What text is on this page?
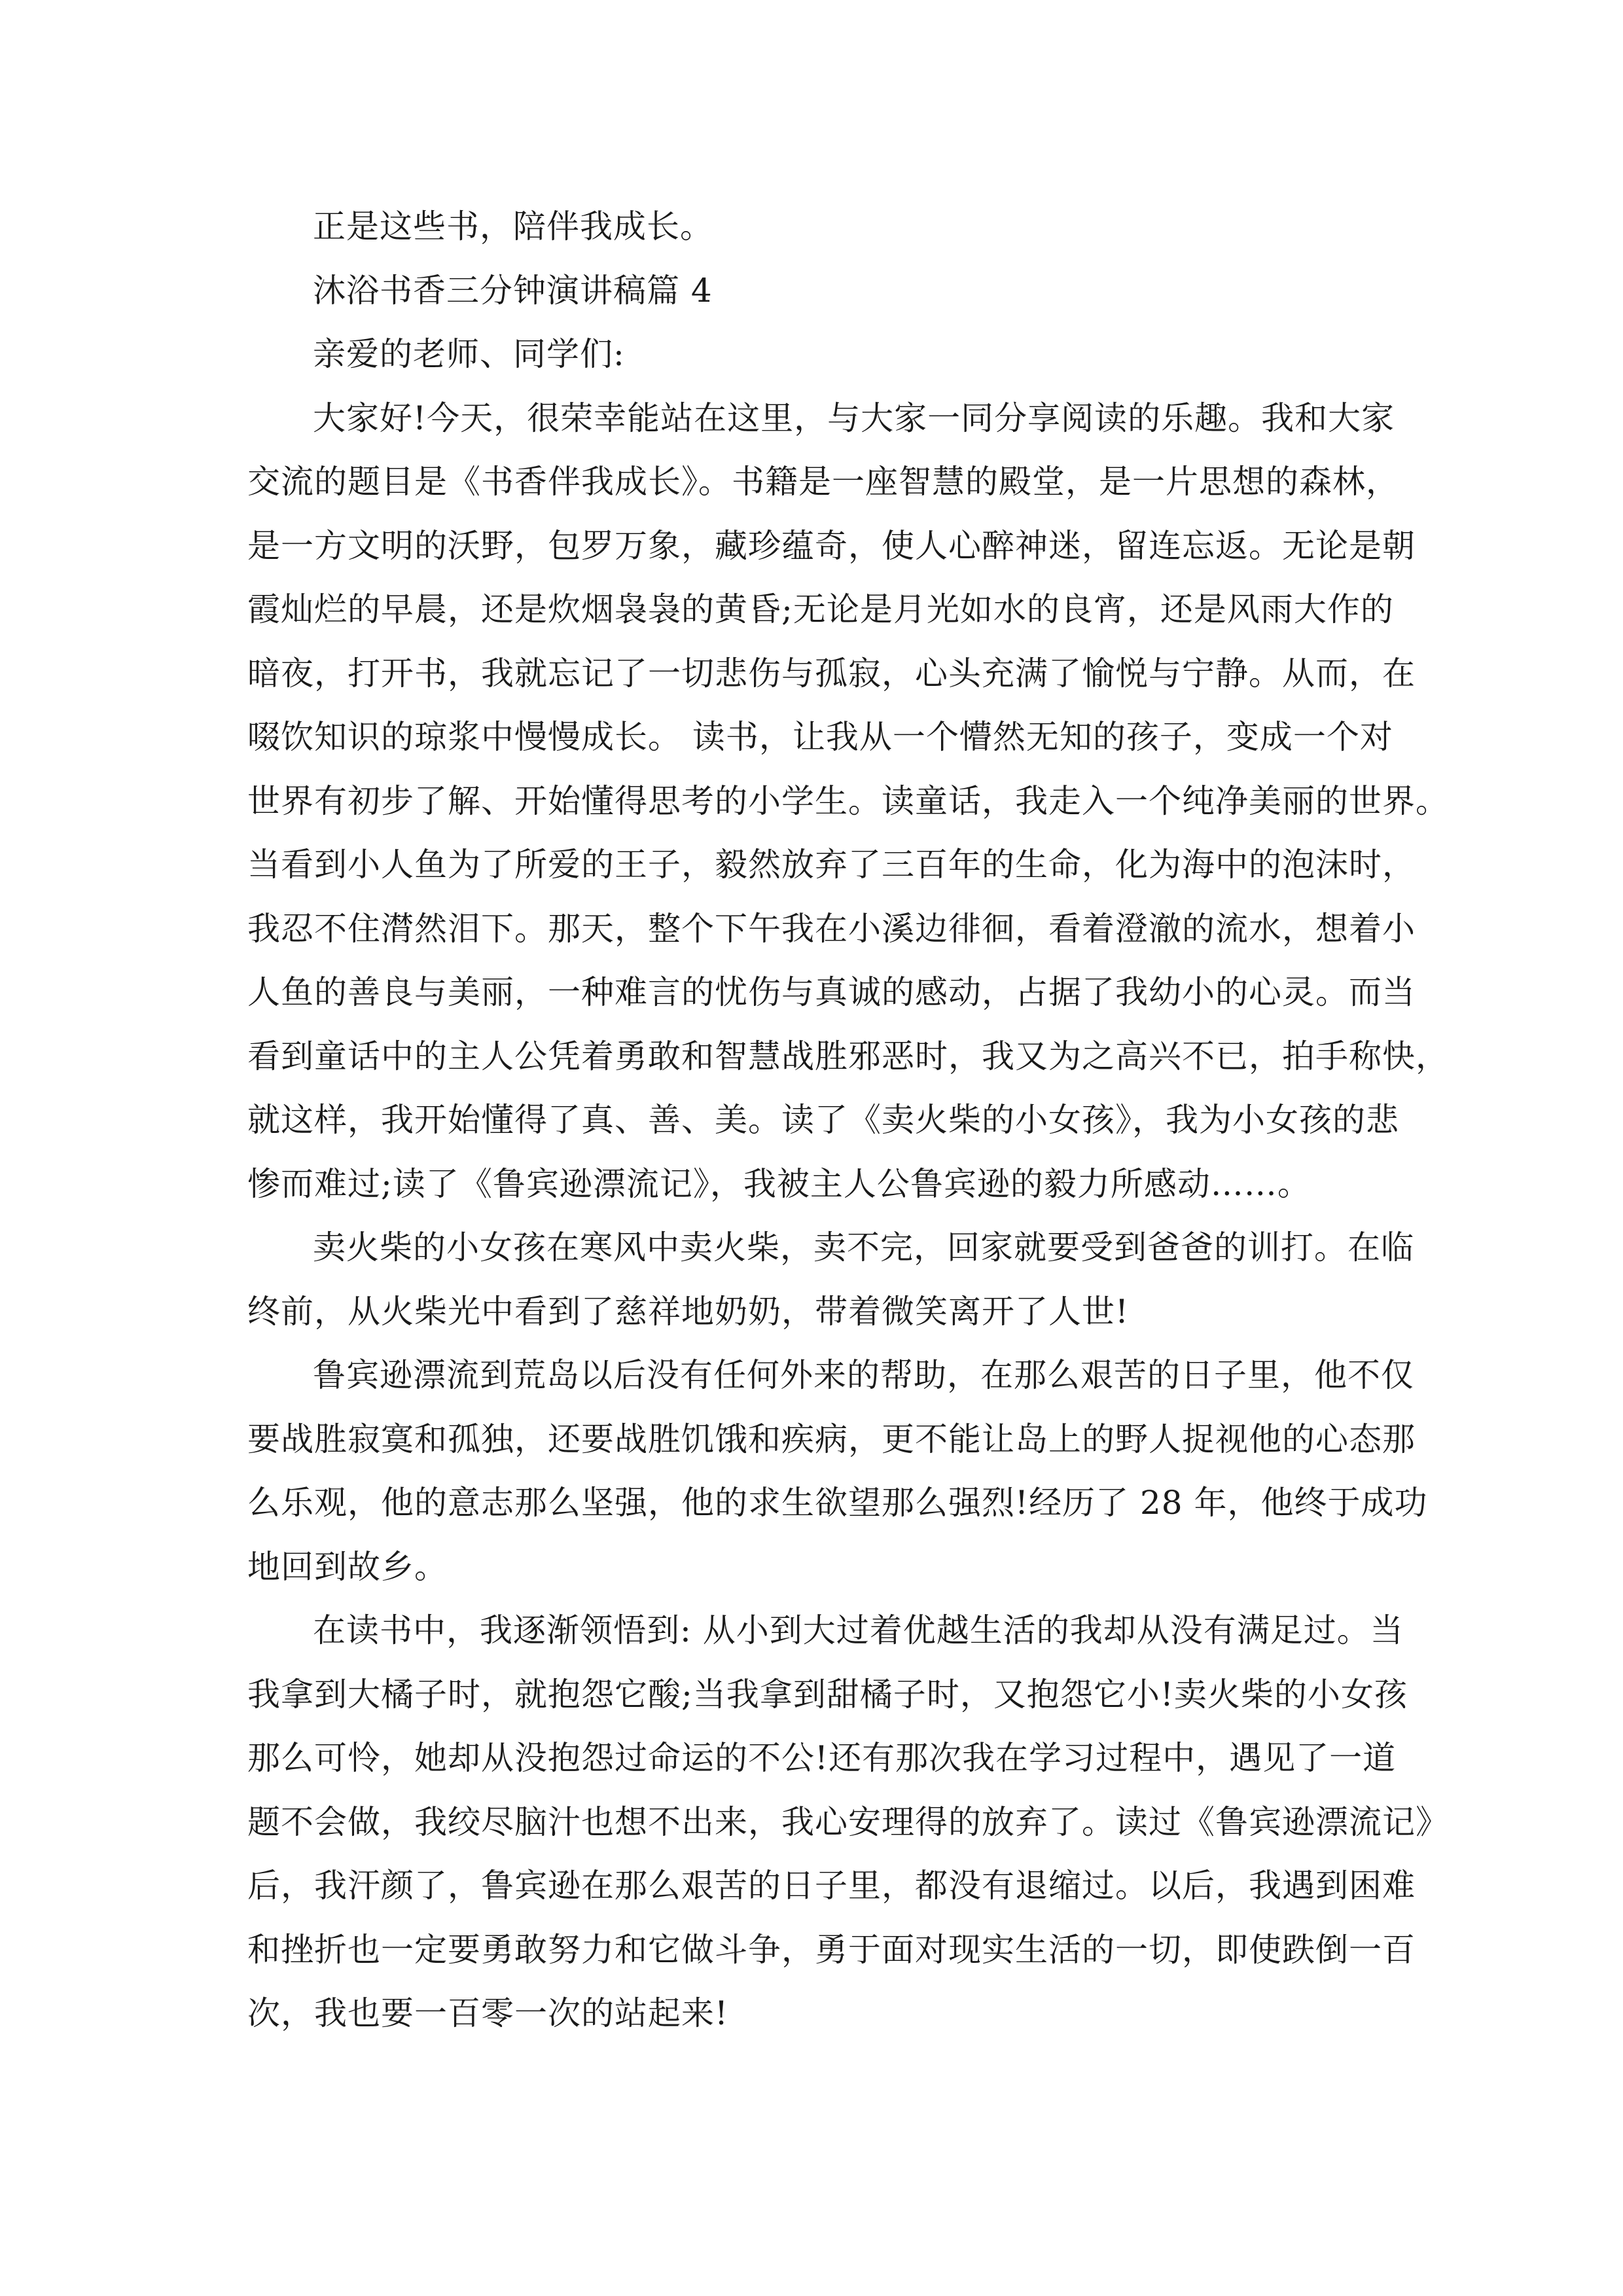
正是这些书，陪伴我成长。
沐浴书香三分钟演讲稿篇 4
亲爱的老师、同学们:
大家好!今天，很荣幸能站在这里，与大家一同分享阅读的乐趣。我和大家
交流的题目是《书香伴我成长》。书籍是一座智慧的殿堂，是一片思想的森林，
是一方文明的沃野，包罗万象，藏珍蕴奇，使人心醉神迷，留连忘返。无论是朝
霞灿烂的早晨，还是炊烟袅袅的黄昏;无论是月光如水的良宵，还是风雨大作的
暗夜，打开书，我就忘记了一切悲伤与孤寂，心头充满了愉悦与宁静。从而，在
啜饮知识的琼浆中慢慢成长。 读书，让我从一个懵然无知的孩子，变成一个对
世界有初步了解、开始懂得思考的小学生。读童话，我走入一个纯净美丽的世界。
当看到小人鱼为了所爱的王子，毅然放弃了三百年的生命，化为海中的泡沫时，
我忍不住潸然泪下。那天，整个下午我在小溪边徘徊，看着澄澈的流水，想着小
人鱼的善良与美丽，一种难言的忧伤与真诚的感动，占据了我幼小的心灵。而当
看到童话中的主人公凭着勇敢和智慧战胜邪恶时，我又为之高兴不已，拍手称快，
就这样，我开始懂得了真、善、美。读了《卖火柴的小女孩》，我为小女孩的悲
惨而难过;读了《鲁宾逊漂流记》，我被主人公鲁宾逊的毅力所感动……。
卖火柴的小女孩在寒风中卖火柴，卖不完，回家就要受到爸爸的训打。在临
终前，从火柴光中看到了慈祥地奶奶，带着微笑离开了人世!
鲁宾逊漂流到荒岛以后没有任何外来的帮助，在那么艰苦的日子里，他不仅
要战胜寂寞和孤独，还要战胜饥饿和疾病，更不能让岛上的野人捉视他的心态那
么乐观，他的意志那么坚强，他的求生欲望那么强烈!经历了 28 年，他终于成功
地回到故乡。
在读书中，我逐渐领悟到: 从小到大过着优越生活的我却从没有满足过。当
我拿到大橘子时，就抱怨它酸;当我拿到甜橘子时，又抱怨它小!卖火柴的小女孩
那么可怜，她却从没抱怨过命运的不公!还有那次我在学习过程中，遇见了一道
题不会做，我绞尽脑汁也想不出来，我心安理得的放弃了。读过《鲁宾逊漂流记》
后，我汗颜了，鲁宾逊在那么艰苦的日子里，都没有退缩过。以后，我遇到困难
和挫折也一定要勇敢努力和它做斗争，勇于面对现实生活的一切，即使跌倒一百
次，我也要一百零一次的站起来!
